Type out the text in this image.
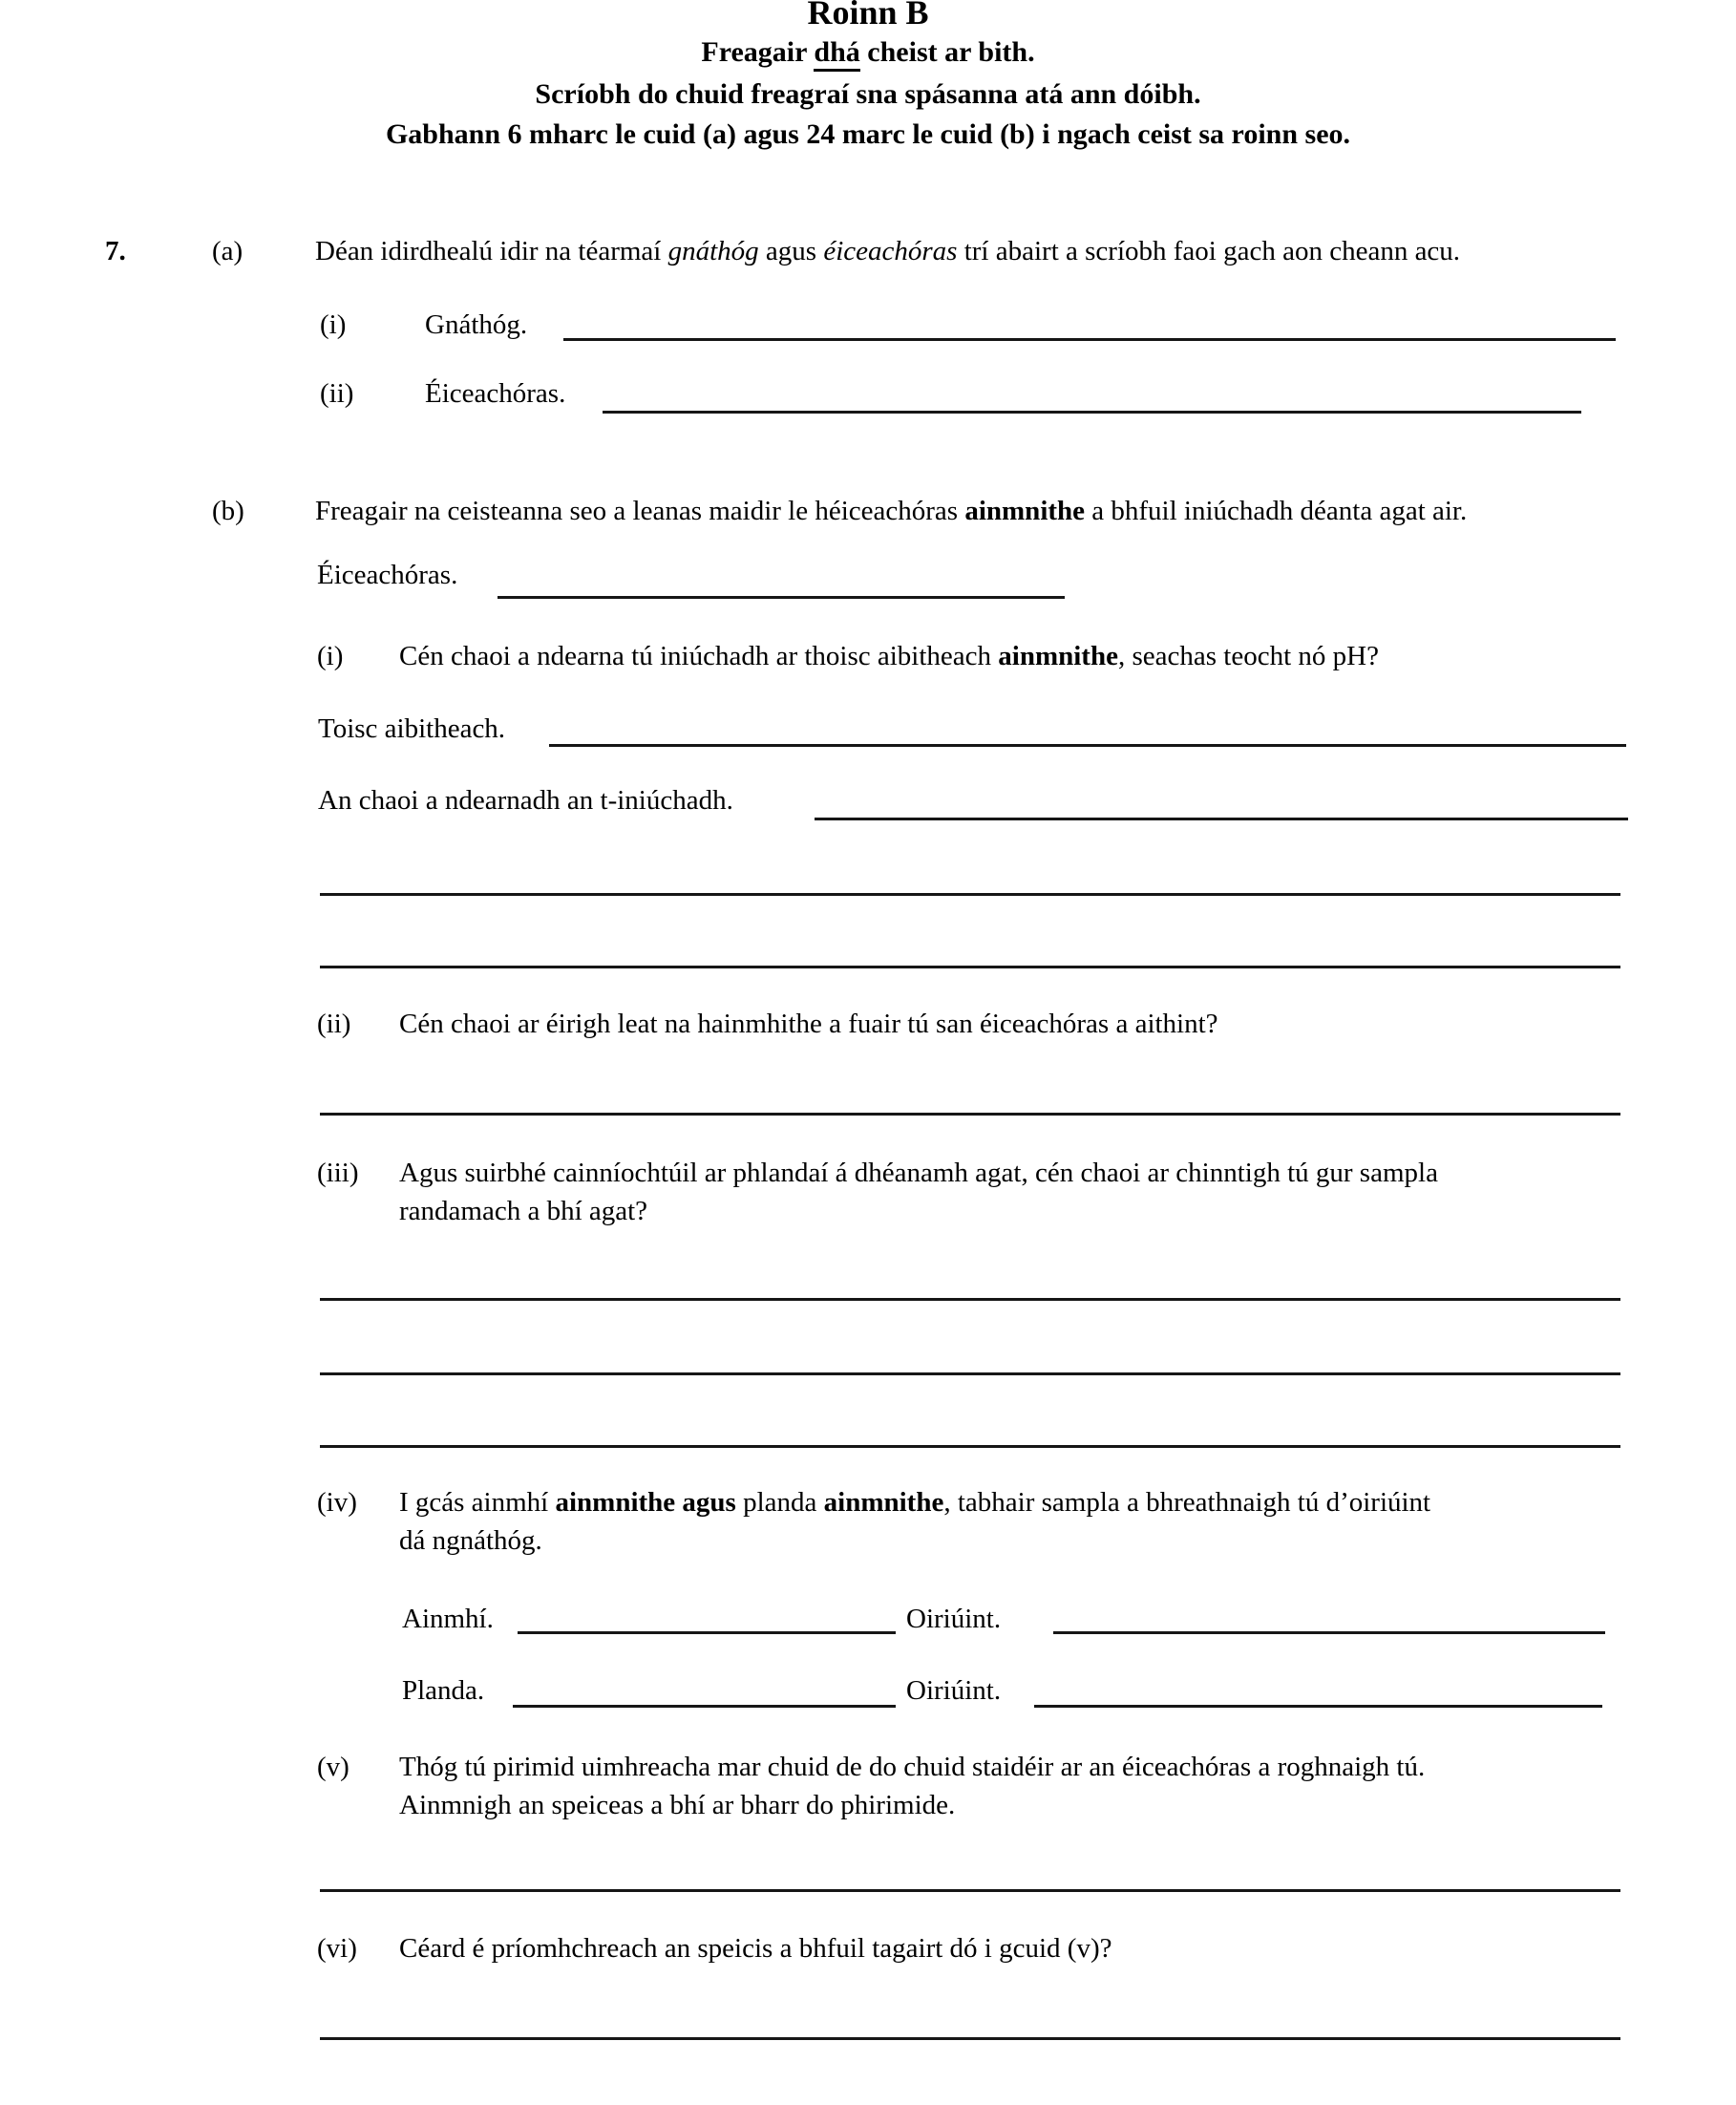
Roinn B
Freagair dhá cheist ar bith.
Scríobh do chuid freagraí sna spásanna atá ann dóibh.
Gabhann 6 mharc le cuid (a) agus 24 marc le cuid (b) i ngach ceist sa roinn seo.
7.	(a)	Déan idirdhealú idir na téarmaí gnáthóg agus éiceachóras trí abairt a scríobh faoi gach aon cheann acu.
(i)	Gnáthóg.
(ii)	Éiceachóras.
(b)	Freagair na ceisteanna seo a leanas maidir le héiceachóras ainmnithe a bhfuil iniúchadh déanta agat air.
Éiceachóras.
(i) Cén chaoi a ndearna tú iniúchadh ar thoisc aibitheach ainmnithe, seachas teocht nó pH?
Toisc aibitheach.
An chaoi a ndearnadh an t-iniúchadh.
(ii) Cén chaoi ar éirigh leat na hainmhithe a fuair tú san éiceachóras a aithint?
(iii) Agus suirbhé cainníochtúil ar phlandaí á dhéanamh agat, cén chaoi ar chinntigh tú gur sampla
randamach a bhí agat?
(iv) I gcás ainmhí ainmnithe agus planda ainmnithe, tabhair sampla a bhreathnaigh tú d’oiriúint
dá ngnáthóg.
Ainmhí.	Oiriúint.
Planda.	Oiriúint.
(v) Thóg tú pirimid uimhreacha mar chuid de do chuid staidéir ar an éiceachóras a roghnaigh tú.
Ainmnigh an speiceas a bhí ar bharr do phirimide.
(vi) Céard é príomhchreach an speicis a bhfuil tagairt dó i gcuid (v)?
